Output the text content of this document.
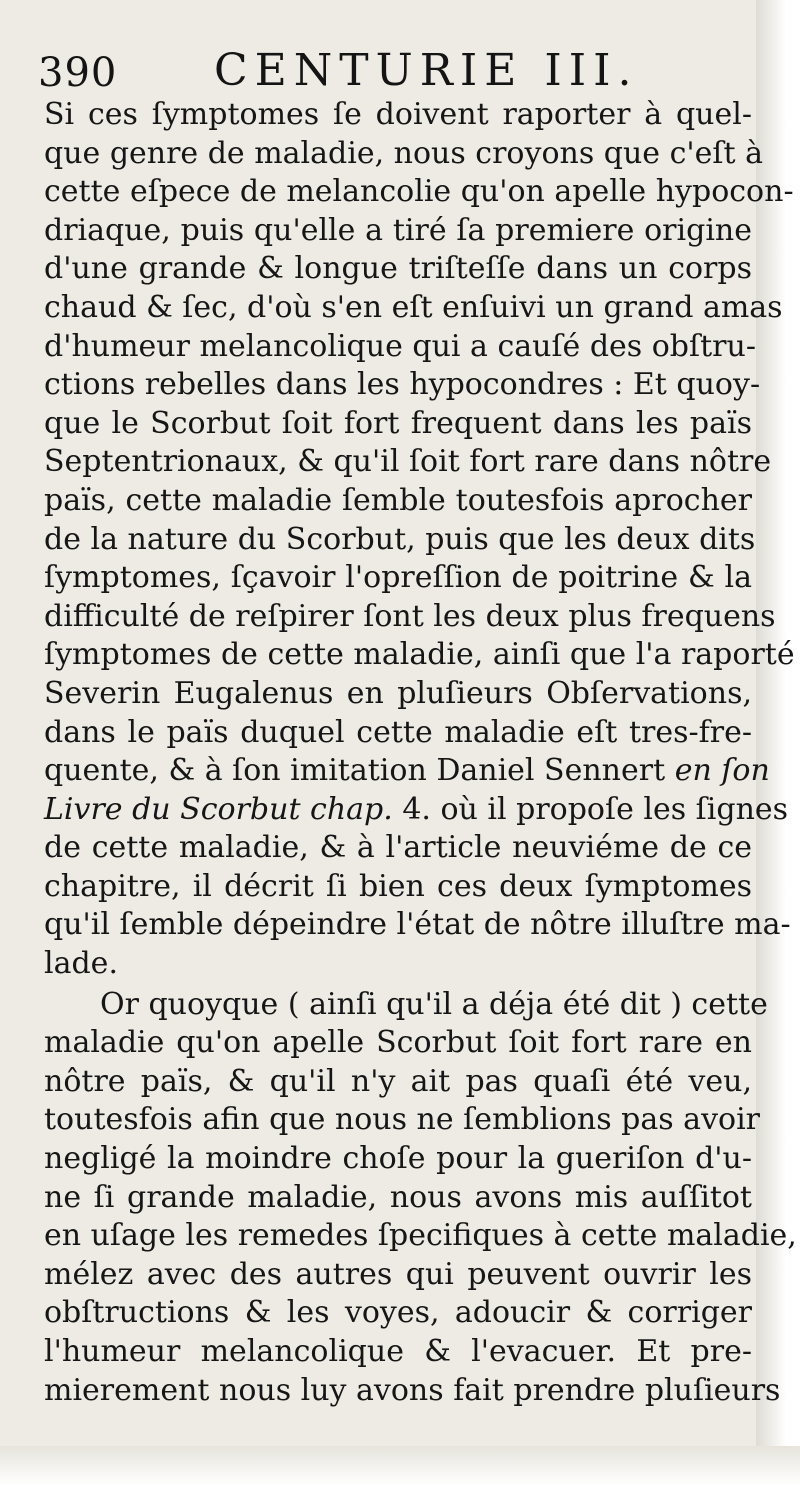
390 CENTURIE III.
Si ces ſymptomes ſe doivent raporter à quel-
que genre de maladie, nous croyons que c'eſt à
cette eſpece de melancolie qu'on apelle hypocon-
driaque, puis qu'elle a tiré ſa premiere origine
d'une grande & longue triſteſſe dans un corps
chaud & ſec, d'où s'en eſt enſuivi un grand amas
d'humeur melancolique qui a cauſé des obſtru-
ctions rebelles dans les hypocondres : Et quoy-
que le Scorbut ſoit fort frequent dans les païs
Septentrionaux, & qu'il ſoit fort rare dans nôtre
païs, cette maladie ſemble toutesfois aprocher
de la nature du Scorbut, puis que les deux dits
ſymptomes, ſçavoir l'opreſſion de poitrine & la
difficulté de reſpirer ſont les deux plus frequens
ſymptomes de cette maladie, ainſi que l'a raporté
Severin Eugalenus en pluſieurs Obſervations,
dans le païs duquel cette maladie eſt tres-fre-
quente, & à ſon imitation Daniel Sennert en ſon
Livre du Scorbut chap. 4. où il propoſe les ſignes
de cette maladie, & à l'article neuviéme de ce
chapitre, il décrit ſi bien ces deux ſymptomes
qu'il ſemble dépeindre l'état de nôtre illuſtre ma-
lade.
Or quoyque ( ainſi qu'il a déja été dit ) cette
maladie qu'on apelle Scorbut ſoit fort rare en
nôtre païs, & qu'il n'y ait pas quaſi été veu,
toutesfois afin que nous ne ſemblions pas avoir
negligé la moindre choſe pour la gueriſon d'u-
ne ſi grande maladie, nous avons mis auſſitot
en uſage les remedes ſpecifiques à cette maladie,
mélez avec des autres qui peuvent ouvrir les
obſtructions & les voyes, adoucir & corriger
l'humeur melancolique & l'evacuer. Et pre-
mierement nous luy avons fait prendre pluſieurs
